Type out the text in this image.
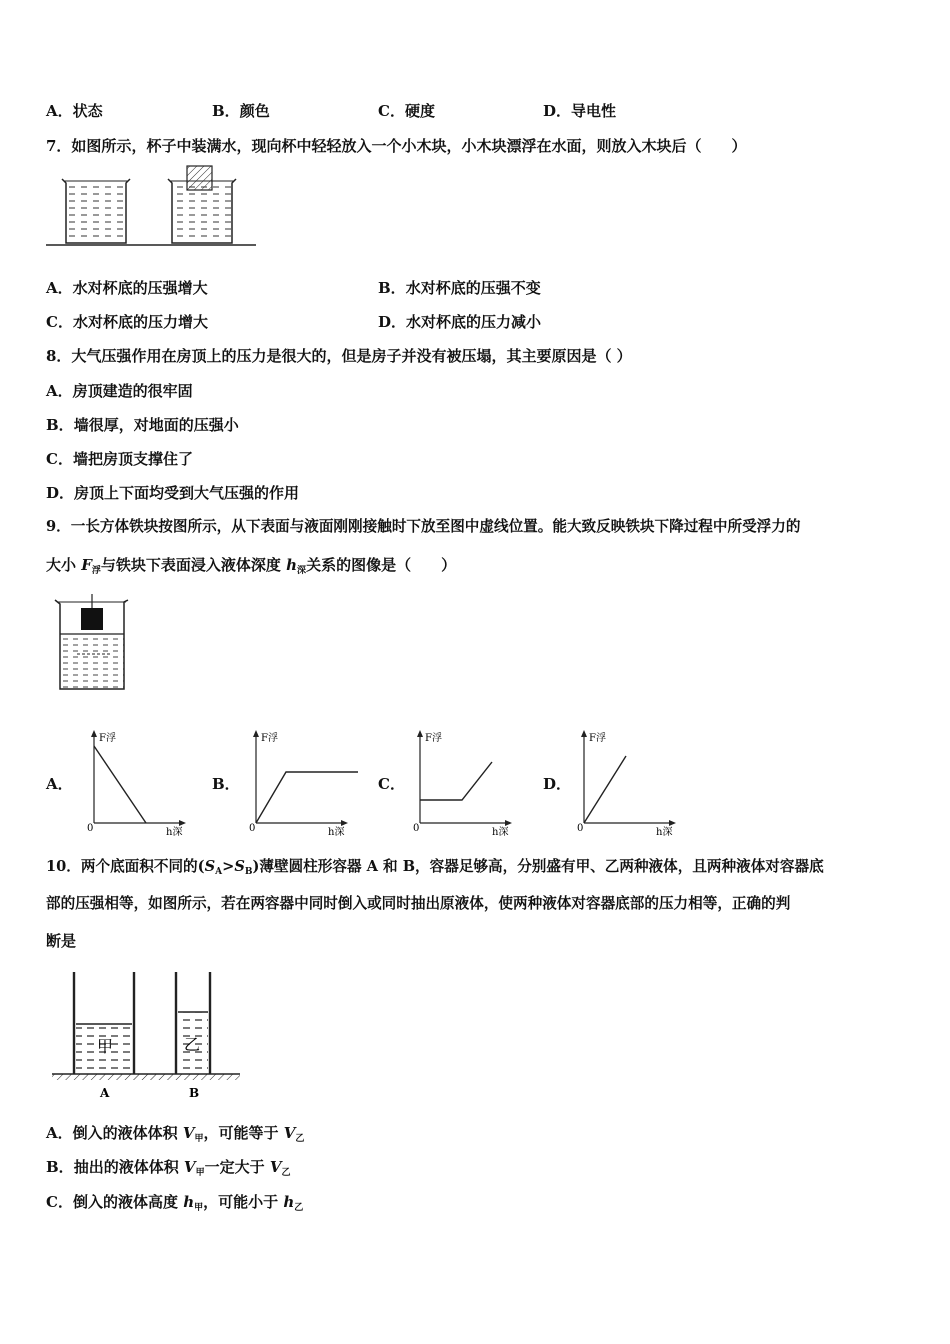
A．状态	B．颜色	C．硬度	D．导电性
7．如图所示，杯子中装满水，现向杯中轻轻放入一个小木块，小木块漂浮在水面，则放入木块后（　　）
A．水对杯底的压强增大	B．水对杯底的压强不变
C．水对杯底的压力增大	D．水对杯底的压力减小
8．大气压强作用在房顶上的压力是很大的，但是房子并没有被压塌，其主要原因是（ ）
A．房顶建造的很牢固
B．墙很厚，对地面的压强小
C．墙把房顶支撑住了
D．房顶上下面均受到大气压强的作用
9．一长方体铁块按图所示，从下表面与液面刚刚接触时下放至图中虚线位置。能大致反映铁块下降过程中所受浮力的
大小 $F_浮$与铁块下表面浸入液体深度 $h_深$关系的图像是（　　）
A．	B．	C．	D．
F浮
h深
0
F浮
h深
0
F浮
h深
0
F浮
h深
0
10．两个底面积不同的$(S_A>S_B)$薄壁圆柱形容器 A 和 B，容器足够高，分别盛有甲、乙两种液体，且两种液体对容器底
部的压强相等，如图所示，若在两容器中同时倒入或同时抽出原液体，使两种液体对容器底部的压力相等，正确的判
断是
甲
A
乙
B
A．倒入的液体体积 $V_甲$，可能等于 $V_乙$
B．抽出的液体体积 $V_甲$一定大于 $V_乙$
C．倒入的液体高度 $h_甲$，可能小于 $h_乙$
